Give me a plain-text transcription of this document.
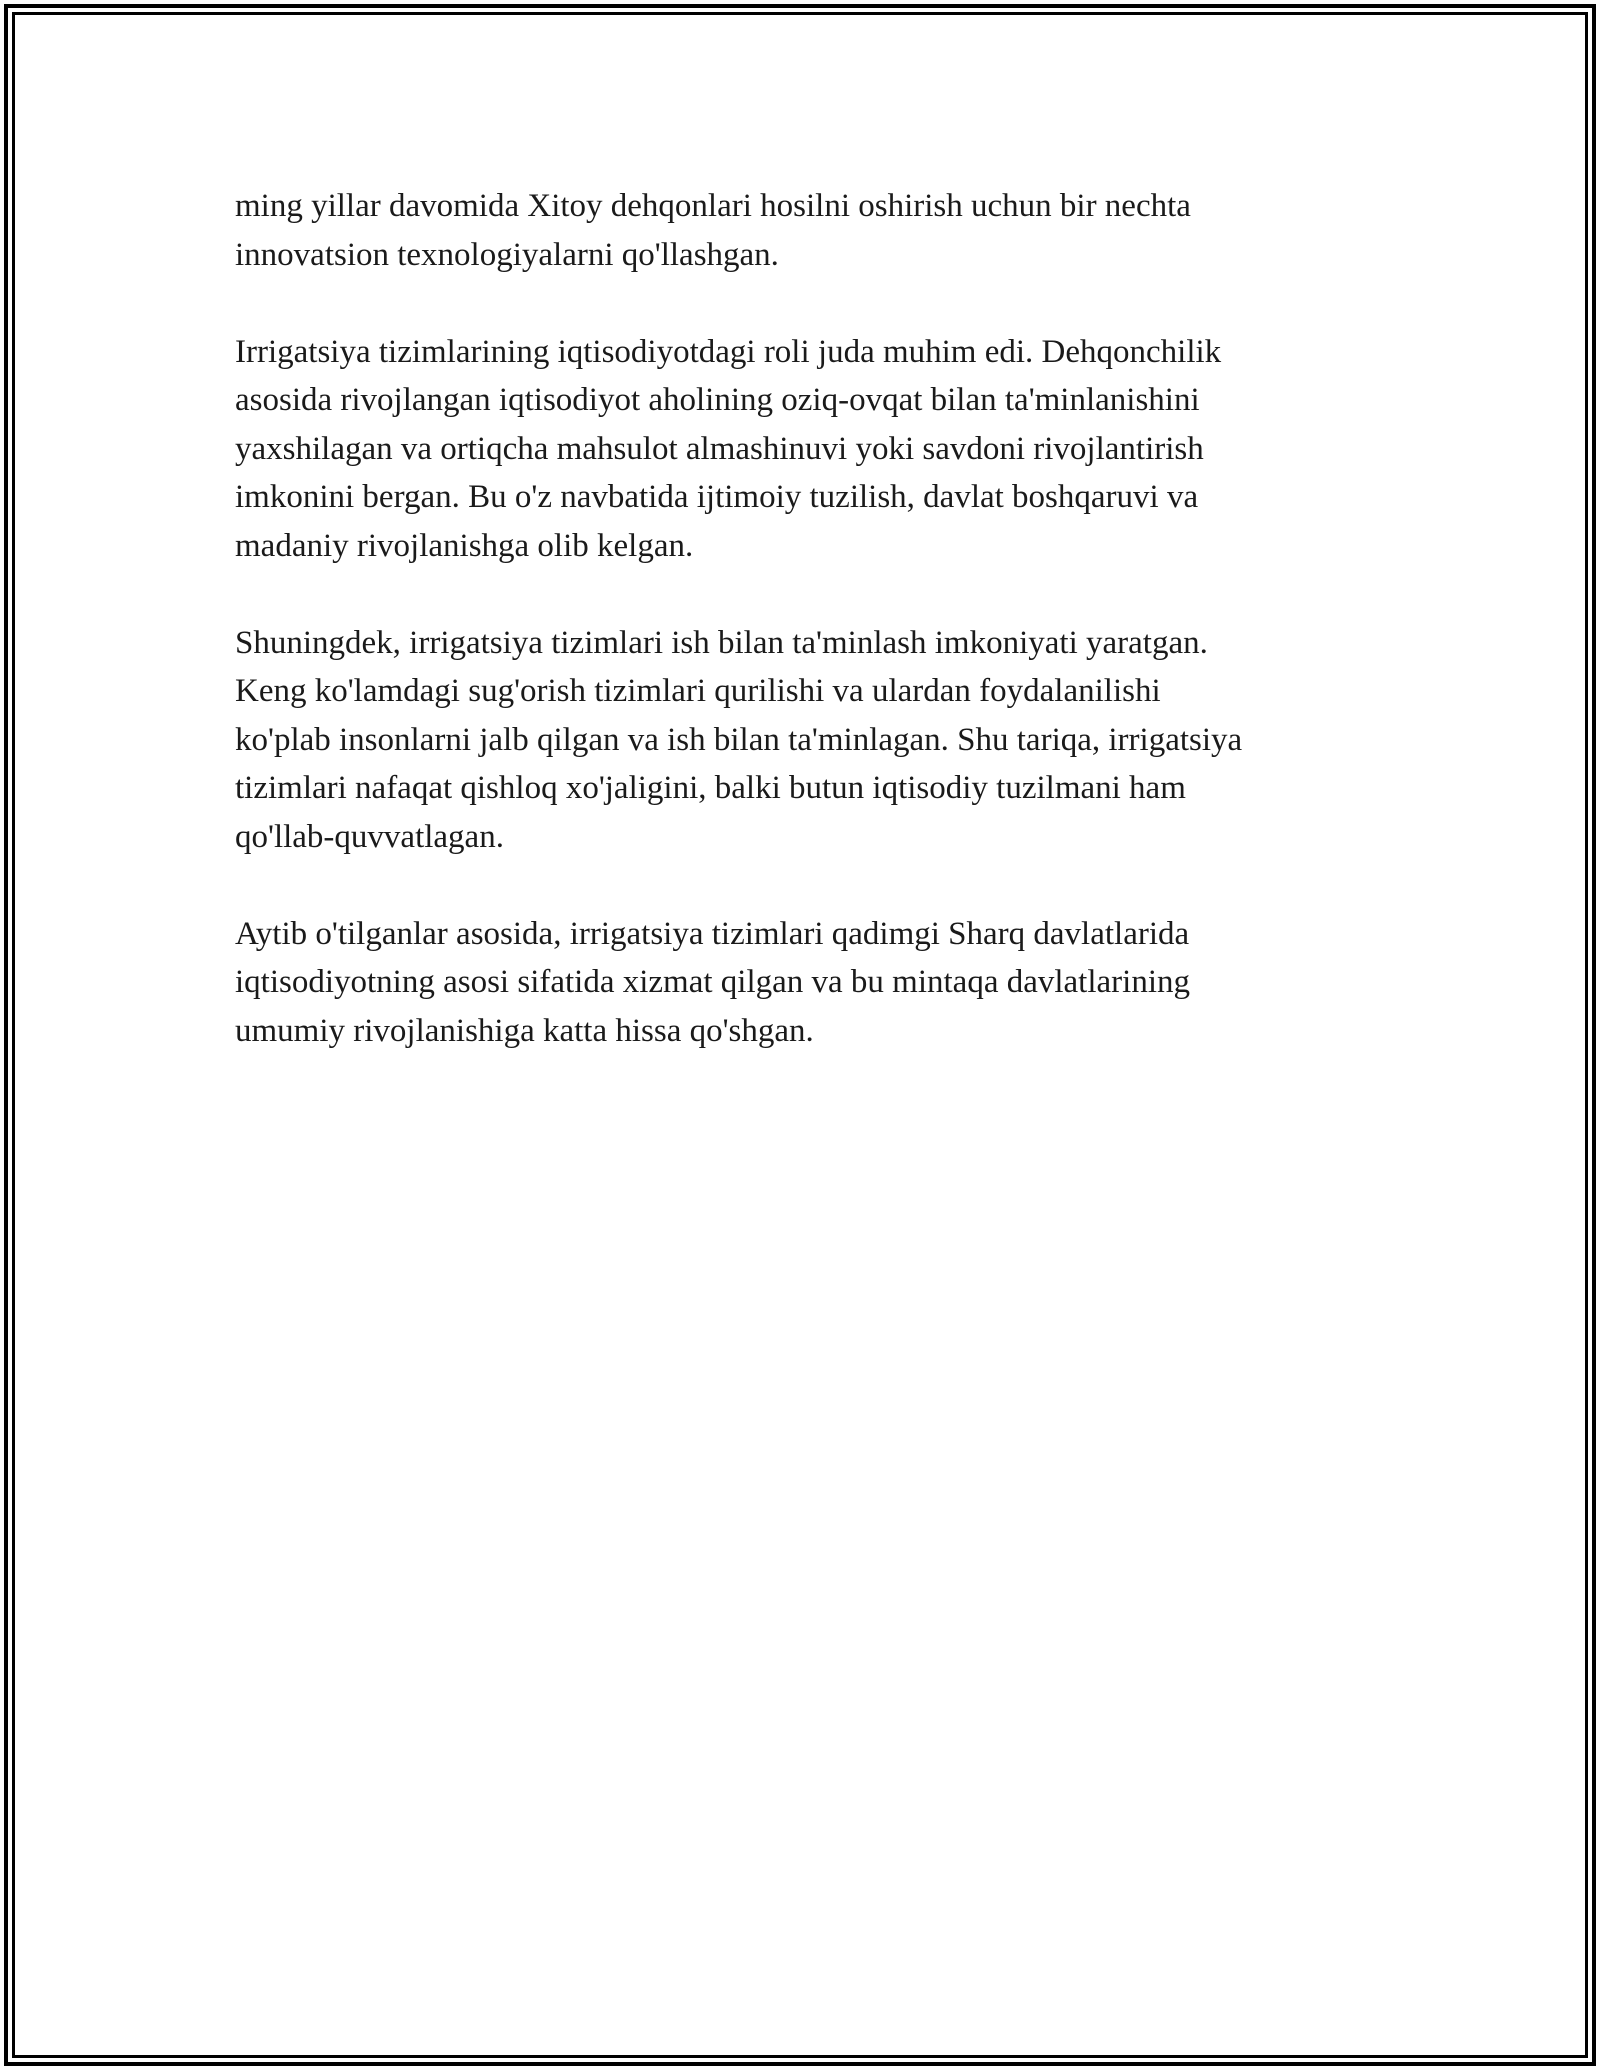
ming yillar davomida Xitoy dehqonlari hosilni oshirish uchun bir nechta
innovatsion texnologiyalarni qo'llashgan.

Irrigatsiya tizimlarining iqtisodiyotdagi roli juda muhim edi. Dehqonchilik
asosida rivojlangan iqtisodiyot aholining oziq-ovqat bilan ta'minlanishini
yaxshilagan va ortiqcha mahsulot almashinuvi yoki savdoni rivojlantirish
imkonini bergan. Bu o'z navbatida ijtimoiy tuzilish, davlat boshqaruvi va
madaniy rivojlanishga olib kelgan.

Shuningdek, irrigatsiya tizimlari ish bilan ta'minlash imkoniyati yaratgan.
Keng ko'lamdagi sug'orish tizimlari qurilishi va ulardan foydalanilishi
ko'plab insonlarni jalb qilgan va ish bilan ta'minlagan. Shu tariqa, irrigatsiya
tizimlari nafaqat qishloq xo'jaligini, balki butun iqtisodiy tuzilmani ham
qo'llab-quvvatlagan.

Aytib o'tilganlar asosida, irrigatsiya tizimlari qadimgi Sharq davlatlarida
iqtisodiyotning asosi sifatida xizmat qilgan va bu mintaqa davlatlarining
umumiy rivojlanishiga katta hissa qo'shgan.
